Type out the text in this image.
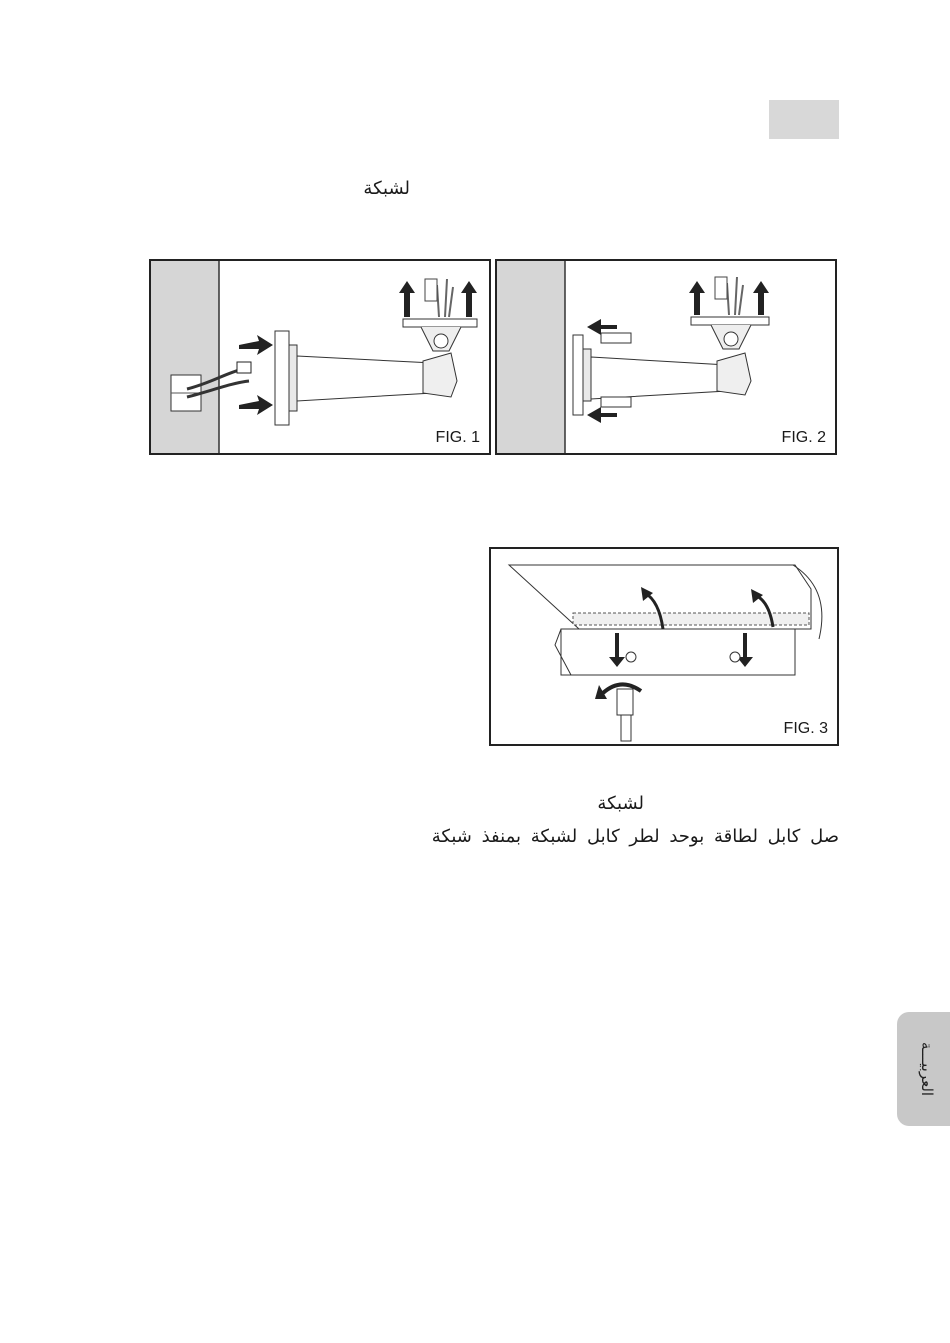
لشبكة
FIG. 1	FIG. 2
FIG. 3
لشبكة
صل كابل لطاقة بوحد لطر كابل لشبكة بمنفذ شبكة
العربيـــة
